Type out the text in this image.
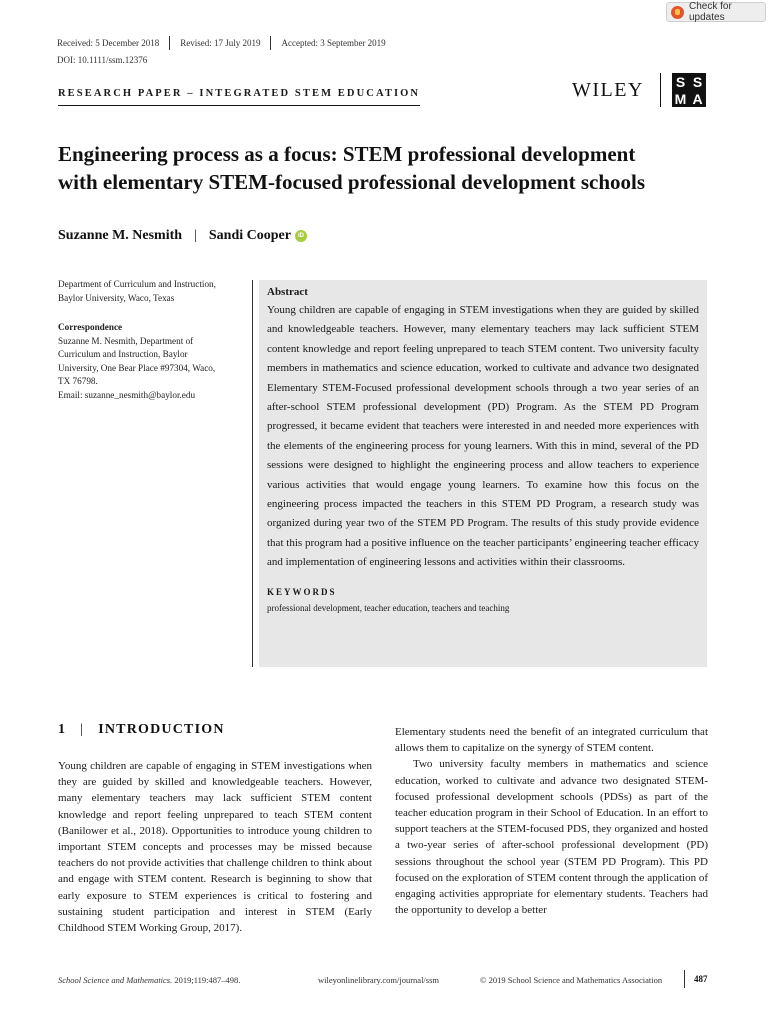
Check for updates
Received: 5 December 2018	Revised: 17 July 2019	Accepted: 3 September 2019
DOI: 10.1111/ssm.12376
RESEARCH PAPER – INTEGRATED STEM EDUCATION	WILEY S S
M A
Engineering process as a focus: STEM professional development
with elementary STEM-focused professional development schools
Suzanne M. Nesmith | Sandi Cooper	iD
Department of Curriculum and Instruction,
Baylor University, Waco, Texas
Correspondence
Suzanne M. Nesmith, Department of
Curriculum and Instruction, Baylor
University, One Bear Place #97304, Waco,
TX 76798.
Email: suzanne_nesmith@baylor.edu
Abstract
Young children are capable of engaging in STEM investigations when they are guided by skilled and knowledgeable teachers. However, many elementary teachers may lack sufficient STEM content knowledge and report feeling unprepared to teach STEM content. Two university faculty members in mathematics and science education, worked to cultivate and advance two designated Elementary STEM-Focused professional development schools through a two year series of an after-school STEM professional development (PD) Program. As the STEM PD Program progressed, it became evident that teachers were interested in and needed more experiences with the elements of the engineering process for young learners. With this in mind, several of the PD sessions were designed to highlight the engineering process and allow teachers to experience various activities that would engage young learners. To examine how this focus on the engineering process impacted the teachers in this STEM PD Program, a research study was organized during year two of the STEM PD Program. The results of this study provide evidence that this program had a positive influence on the teacher participants’ engineering teacher efficacy and implementation of engineering lessons and activities within their classrooms.
KEYWORDS
professional development, teacher education, teachers and teaching
1 | INTRODUCTION

Young children are capable of engaging in STEM investigations when they are guided by skilled and knowledgeable teachers. However, many elementary teachers may lack sufficient STEM content knowledge and report feeling unprepared to teach STEM content (Banilower et al., 2018). Opportunities to introduce young children to important STEM concepts and processes may be missed because teachers do not provide activities that challenge children to think about and engage with STEM content. Research is beginning to show that early exposure to STEM experiences is critical to fostering and sustaining student participation and interest in STEM (Early Childhood STEM Working Group, 2017).

Elementary students need the benefit of an integrated curriculum that allows them to capitalize on the synergy of STEM content.

Two university faculty members in mathematics and science education, worked to cultivate and advance two designated STEM-focused professional development schools (PDSs) as part of the teacher education program in their School of Education. In an effort to support teachers at the STEM-focused PDS, they organized and hosted a two-year series of after-school professional development (PD) sessions throughout the school year (STEM PD Program). This PD focused on the exploration of STEM content through the application of engaging activities appropriate for elementary students. Teachers had the opportunity to develop a better

School Science and Mathematics. 2019;119:487–498.	wileyonlinelibrary.com/journal/ssm	© 2019 School Science and Mathematics Association	487
